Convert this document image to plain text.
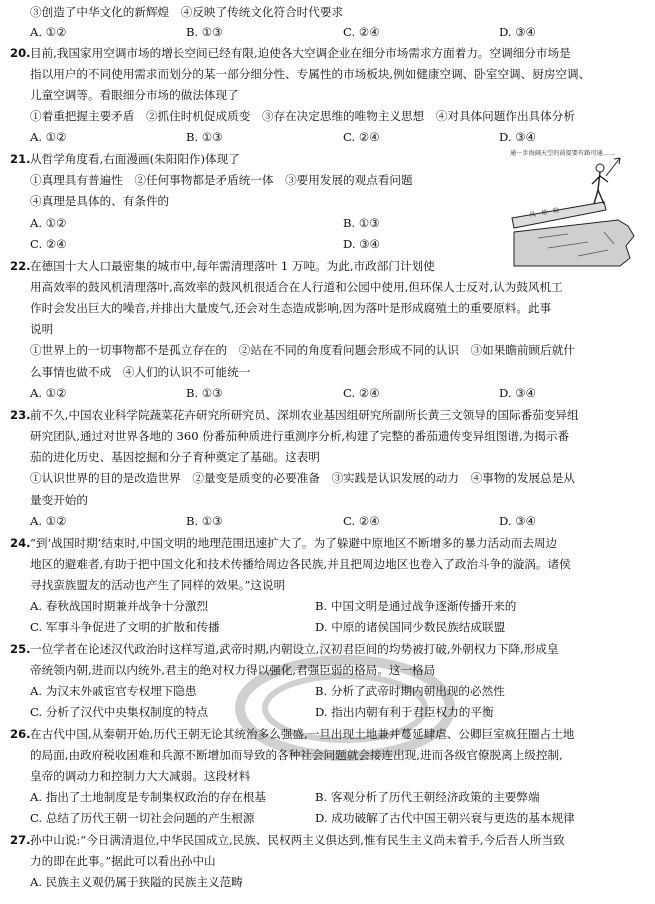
③创造了中华文化的新辉煌　④反映了传统文化符合时代要求
A. ①②	B. ①③	C. ②④	D. ③④
20. 目前,我国家用空调市场的增长空间已经有限,迫使各大空调企业在细分市场需求方面着力。空调细分市场是
指以用户的不同使用需求而划分的某一部分细分性、专属性的市场板块,例如健康空调、卧室空调、厨房空调、
儿童空调等。看眼细分市场的做法体现了
①着重把握主要矛盾　②抓住时机促成质变　③存在决定思维的唯物主义思想　④对具体问题作出具体分析
A. ①②	B. ①③	C. ②④	D. ③④
21. 从哲学角度看,右面漫画(朱阳阳作)体现了
①真理具有普遍性　②任何事物都是矛盾统一体　③要用发展的观点看问题
④真理是具体的、有条件的
A. ①②	B. ①③
C. ②④	D. ③④
通一步海阔天空的前提要有路可通……
风　格　险
22. 在德国十大人口最密集的城市中,每年需清理落叶 1 万吨。为此,市政部门计划使
用高效率的鼓风机清理落叶,高效率的鼓风机很适合在人行道和公园中使用,但环保人士反对,认为鼓风机工
作时会发出巨大的噪音,并排出大量废气,还会对生态造成影响,因为落叶是形成腐殖土的重要原料。此事
说明
①世界上的一切事物都不是孤立存在的　②站在不同的角度看问题会形成不同的认识　③如果瞻前顾后就什
么事情也做不成　④人们的认识不可能统一
A. ①②	B. ①③	C. ②④	D. ③④
23. 前不久,中国农业科学院蔬菜花卉研究所研究员、深圳农业基因组研究所副所长黄三文领导的国际番茄变异组
研究团队,通过对世界各地的 360 份番茄种质进行重测序分析,构建了完整的番茄遗传变异组图谱,为揭示番
茄的进化历史、基因挖掘和分子育种奠定了基础。这表明
①认识世界的目的是改造世界　②量变是质变的必要准备　③实践是认识发展的动力　④事物的发展总是从
量变开始的
A. ①②	B. ①③	C. ②④	D. ③④
24. “到‘战国时期’结束时,中国文明的地理范围迅速扩大了。为了躲避中原地区不断增多的暴力活动而去周边
地区的避难者,有助于把中国文化和技术传播给周边各民族,并且把周边地区也卷入了政治斗争的漩涡。诸侯
寻找蛮族盟友的活动也产生了同样的效果。”这说明
A. 春秋战国时期兼并战争十分激烈	B. 中国文明是通过战争逐渐传播开来的
C. 军事斗争促进了文明的扩散和传播	D. 中原的诸侯国同少数民族结成联盟
25. 一位学者在论述汉代政治时这样写道,武帝时期,内朝设立,汉初君臣间的均势被打破,外朝权力下降,形成皇
帝统领内朝,进而以内统外,君主的绝对权力得以强化,君强臣弱的格局。这一格局
A. 为汉末外戚宦官专权埋下隐患	B. 分析了武帝时期内朝出现的必然性
C. 分析了汉代中央集权制度的特点	D. 指出内朝有利于君臣权力的平衡
26. 在古代中国,从秦朝开始,历代王朝无论其统治多么强盛,一旦出现土地兼并蔓延肆虐、公卿巨室疯狂圈占土地
的局面,由政府税收困难和兵源不断增加而导致的各种社会问题就会接连出现,进而各级官僚脱离上级控制,
皇帝的调动力和控制力大大减弱。这段材料
A. 指出了土地制度是专制集权政治的存在根基	B. 客观分析了历代王朝经济政策的主要弊端
C. 总结了历代王朝一切社会问题的产生根源	D. 成功破解了古代中国王朝兴衰与更迭的基本规律
27. 孙中山说:“今日满清退位,中华民国成立,民族、民权两主义俱达到,惟有民生主义尚未着手,今后吾人所当致
力的即在此事。”据此可以看出孙中山
A. 民族主义观仍属于狭隘的民族主义范畴
